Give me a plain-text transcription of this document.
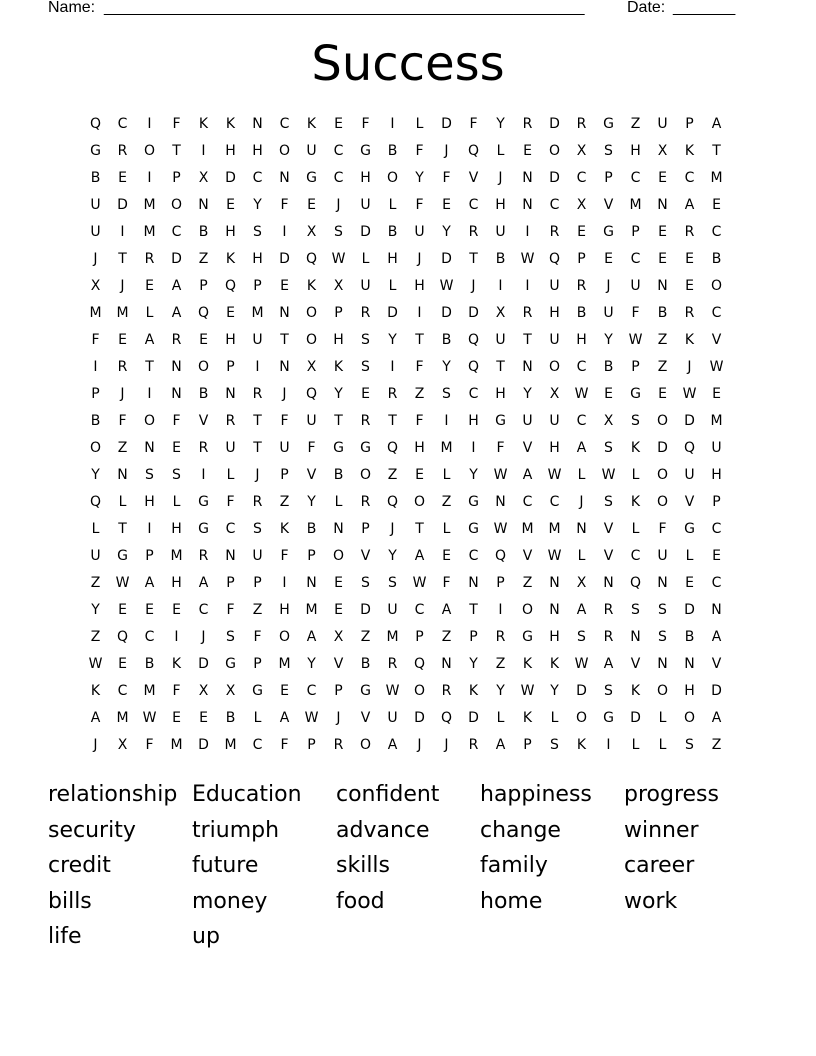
Name: ______________________________________________________	Date: _______
Success
Q	C	I	F	K	K	N	C	K	E	F	I	L	D	F	Y	R	D	R	G	Z	U	P	A
G	R	O	T	I	H	H	O	U	C	G	B	F	J	Q	L	E	O	X	S	H	X	K	T
B	E	I	P	X	D	C	N	G	C	H	O	Y	F	V	J	N	D	C	P	C	E	C	M
U	D	M	O	N	E	Y	F	E	J	U	L	F	E	C	H	N	C	X	V	M	N	A	E
U	I	M	C	B	H	S	I	X	S	D	B	U	Y	R	U	I	R	E	G	P	E	R	C
J	T	R	D	Z	K	H	D	Q	W	L	H	J	D	T	B	W	Q	P	E	C	E	E	B
X	J	E	A	P	Q	P	E	K	X	U	L	H	W	J	I	I	U	R	J	U	N	E	O
M	M	L	A	Q	E	M	N	O	P	R	D	I	D	D	X	R	H	B	U	F	B	R	C
F	E	A	R	E	H	U	T	O	H	S	Y	T	B	Q	U	T	U	H	Y	W	Z	K	V
I	R	T	N	O	P	I	N	X	K	S	I	F	Y	Q	T	N	O	C	B	P	Z	J	W
P	J	I	N	B	N	R	J	Q	Y	E	R	Z	S	C	H	Y	X	W	E	G	E	W	E
B	F	O	F	V	R	T	F	U	T	R	T	F	I	H	G	U	U	C	X	S	O	D	M
O	Z	N	E	R	U	T	U	F	G	G	Q	H	M	I	F	V	H	A	S	K	D	Q	U
Y	N	S	S	I	L	J	P	V	B	O	Z	E	L	Y	W	A	W	L	W	L	O	U	H
Q	L	H	L	G	F	R	Z	Y	L	R	Q	O	Z	G	N	C	C	J	S	K	O	V	P
L	T	I	H	G	C	S	K	B	N	P	J	T	L	G	W	M	M	N	V	L	F	G	C
U	G	P	M	R	N	U	F	P	O	V	Y	A	E	C	Q	V	W	L	V	C	U	L	E
Z	W	A	H	A	P	P	I	N	E	S	S	W	F	N	P	Z	N	X	N	Q	N	E	C
Y	E	E	E	C	F	Z	H	M	E	D	U	C	A	T	I	O	N	A	R	S	S	D	N
Z	Q	C	I	J	S	F	O	A	X	Z	M	P	Z	P	R	G	H	S	R	N	S	B	A
W	E	B	K	D	G	P	M	Y	V	B	R	Q	N	Y	Z	K	K	W	A	V	N	N	V
K	C	M	F	X	X	G	E	C	P	G	W	O	R	K	Y	W	Y	D	S	K	O	H	D
A	M	W	E	E	B	L	A	W	J	V	U	D	Q	D	L	K	L	O	G	D	L	O	A
J	X	F	M	D	M	C	F	P	R	O	A	J	J	R	A	P	S	K	I	L	L	S	Z
relationship Education confident happiness progress
security	triumph	advance change	winner
credit	future	skills	family	career
bills	money	food	home	work
life	up
